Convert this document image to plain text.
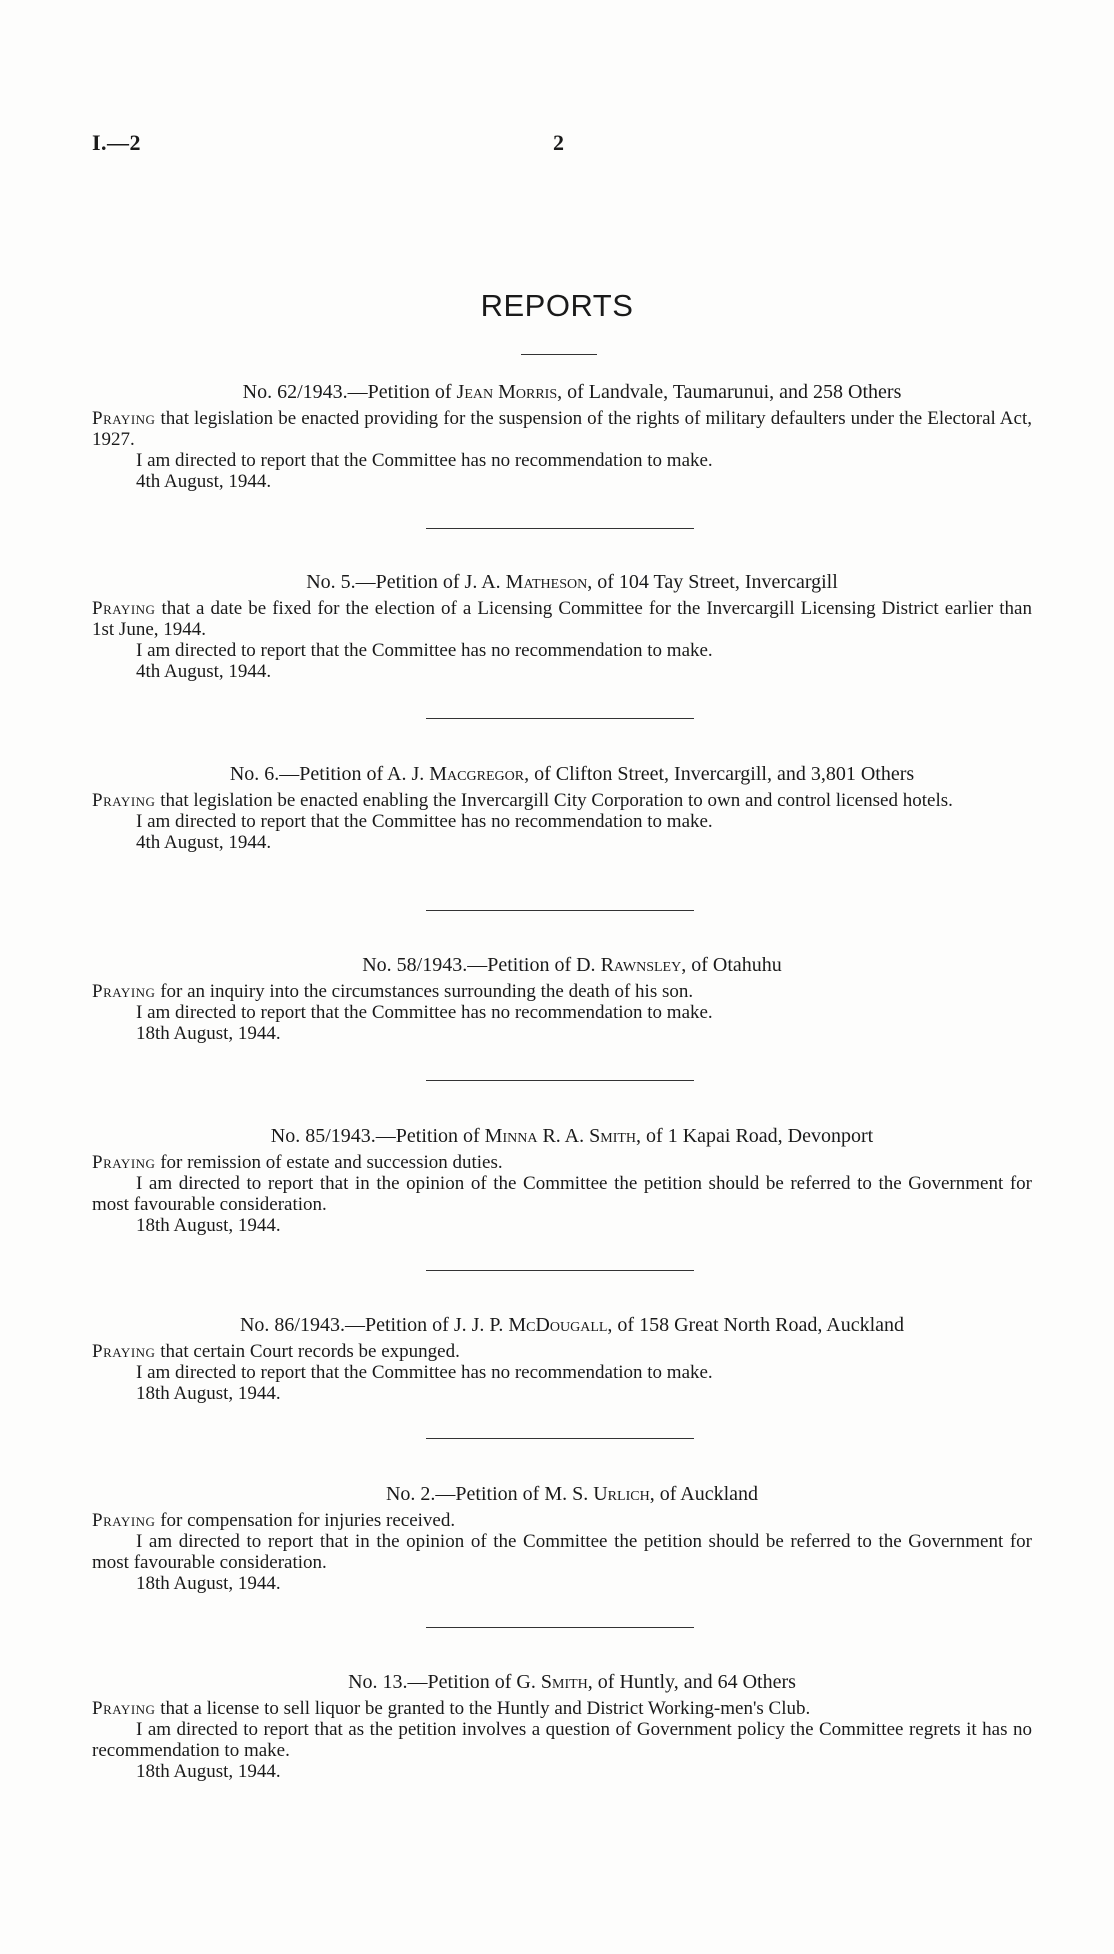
I.—2	2
REPORTS
No. 62/1943.—Petition of Jean Morris, of Landvale, Taumarunui, and 258 Others
Praying that legislation be enacted providing for the suspension of the rights of military defaulters under the Electoral Act, 1927.
I am directed to report that the Committee has no recommendation to make.
4th August, 1944.
No. 5.—Petition of J. A. Matheson, of 104 Tay Street, Invercargill
Praying that a date be fixed for the election of a Licensing Committee for the Invercargill Licensing District earlier than 1st June, 1944.
I am directed to report that the Committee has no recommendation to make.
4th August, 1944.
No. 6.—Petition of A. J. Macgregor, of Clifton Street, Invercargill, and 3,801 Others
Praying that legislation be enacted enabling the Invercargill City Corporation to own and control licensed hotels.
I am directed to report that the Committee has no recommendation to make.
4th August, 1944.
No. 58/1943.—Petition of D. Rawnsley, of Otahuhu
Praying for an inquiry into the circumstances surrounding the death of his son.
I am directed to report that the Committee has no recommendation to make.
18th August, 1944.
No. 85/1943.—Petition of Minna R. A. Smith, of 1 Kapai Road, Devonport
Praying for remission of estate and succession duties.
I am directed to report that in the opinion of the Committee the petition should be referred to the Government for most favourable consideration.
18th August, 1944.
No. 86/1943.—Petition of J. J. P. McDougall, of 158 Great North Road, Auckland
Praying that certain Court records be expunged.
I am directed to report that the Committee has no recommendation to make.
18th August, 1944.
No. 2.—Petition of M. S. Urlich, of Auckland
Praying for compensation for injuries received.
I am directed to report that in the opinion of the Committee the petition should be referred to the Government for most favourable consideration.
18th August, 1944.
No. 13.—Petition of G. Smith, of Huntly, and 64 Others
Praying that a license to sell liquor be granted to the Huntly and District Working-men's Club.
I am directed to report that as the petition involves a question of Government policy the Committee regrets it has no recommendation to make.
18th August, 1944.
